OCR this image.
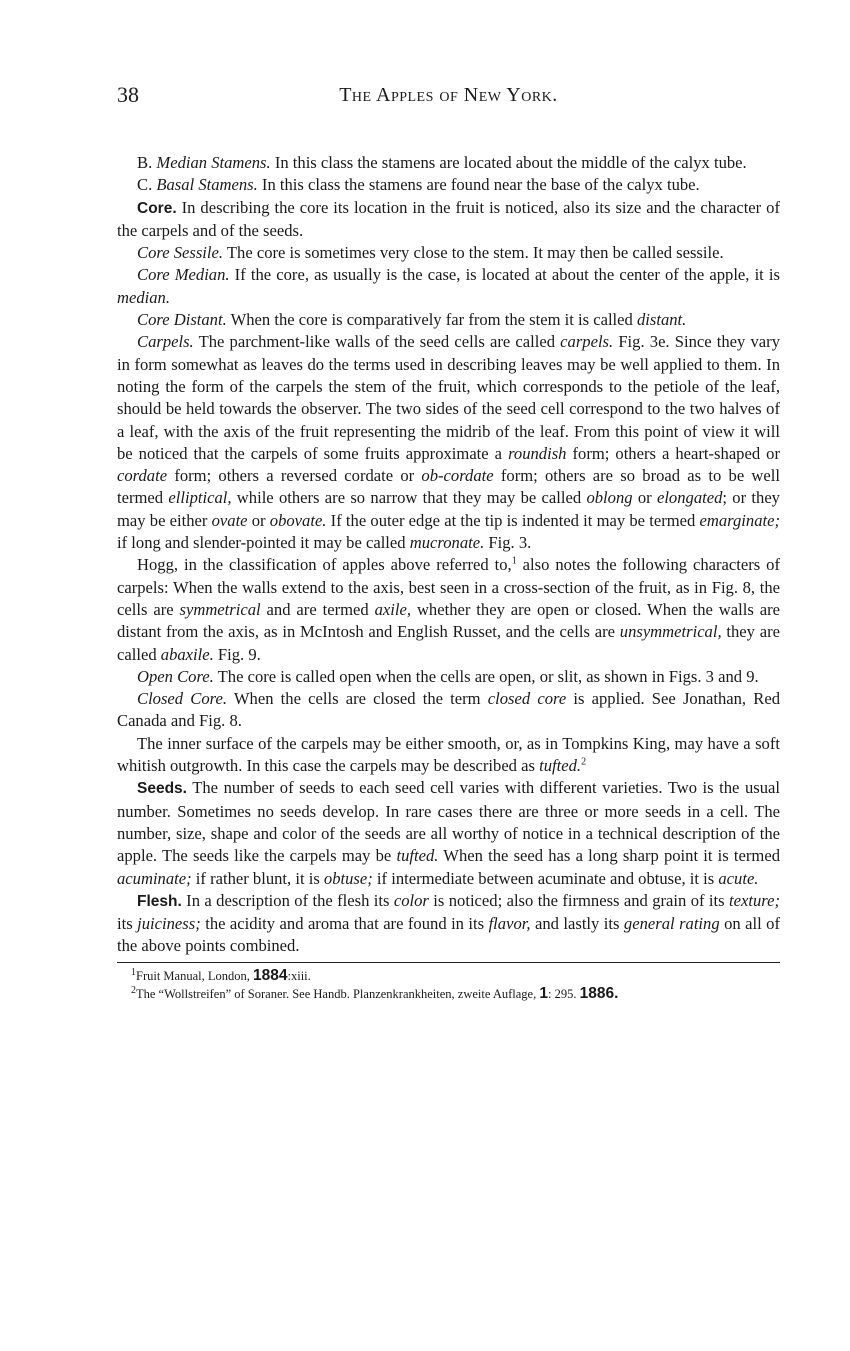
38	The Apples of New York.

B. Median Stamens. In this class the stamens are located about the middle of the calyx tube.

C. Basal Stamens. In this class the stamens are found near the base of the calyx tube.

Core. In describing the core its location in the fruit is noticed, also its size and the character of the carpels and of the seeds.

Core Sessile. The core is sometimes very close to the stem. It may then be called sessile.

Core Median. If the core, as usually is the case, is located at about the center of the apple, it is median.

Core Distant. When the core is comparatively far from the stem it is called distant.

Carpels. The parchment-like walls of the seed cells are called carpels. Fig. 3e. Since they vary in form somewhat as leaves do the terms used in describing leaves may be well applied to them. In noting the form of the carpels the stem of the fruit, which corresponds to the petiole of the leaf, should be held towards the observer. The two sides of the seed cell correspond to the two halves of a leaf, with the axis of the fruit representing the midrib of the leaf. From this point of view it will be noticed that the carpels of some fruits approximate a roundish form; others a heart-shaped or cordate form; others a reversed cordate or ob-cordate form; others are so broad as to be well termed elliptical, while others are so narrow that they may be called oblong or elongated; or they may be either ovate or obovate. If the outer edge at the tip is indented it may be termed emarginate; if long and slender-pointed it may be called mucronate. Fig. 3.

Hogg, in the classification of apples above referred to,$^1$ also notes the following characters of carpels: When the walls extend to the axis, best seen in a cross-section of the fruit, as in Fig. 8, the cells are symmetrical and are termed axile, whether they are open or closed. When the walls are distant from the axis, as in McIntosh and English Russet, and the cells are unsymmetrical, they are called abaxile. Fig. 9.

Open Core. The core is called open when the cells are open, or slit, as shown in Figs. 3 and 9.

Closed Core. When the cells are closed the term closed core is applied. See Jonathan, Red Canada and Fig. 8.

The inner surface of the carpels may be either smooth, or, as in Tompkins King, may have a soft whitish outgrowth. In this case the carpels may be described as tufted.$^2$

Seeds. The number of seeds to each seed cell varies with different varieties. Two is the usual number. Sometimes no seeds develop. In rare cases there are three or more seeds in a cell. The number, size, shape and color of the seeds are all worthy of notice in a technical description of the apple. The seeds like the carpels may be tufted. When the seed has a long sharp point it is termed acuminate; if rather blunt, it is obtuse; if intermediate between acuminate and obtuse, it is acute.

Flesh. In a description of the flesh its color is noticed; also the firmness and grain of its texture; its juiciness; the acidity and aroma that are found in its flavor, and lastly its general rating on all of the above points combined.

$^1$Fruit Manual, London, 1884:xiii.

$^2$The “Wollstreifen” of Soraner. See Handb. Planzenkrankheiten, zweite Auflage, 1: 295. 1886.
